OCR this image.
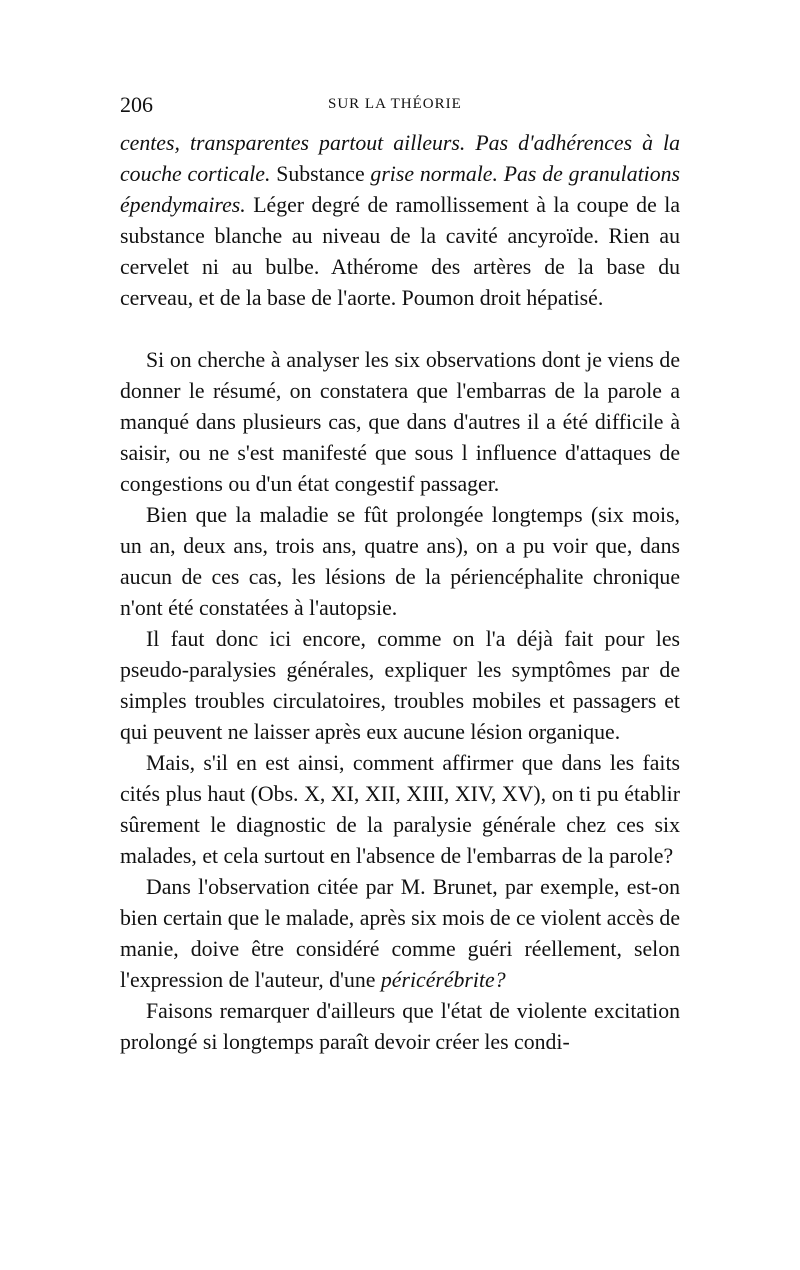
206	SUR LA THÉORIE

centes, transparentes partout ailleurs. Pas d'adhérences à la couche corticale. Substance grise normale. Pas de granulations épendymaires. Léger degré de ramollissement à la coupe de la substance blanche au niveau de la cavité ancyroïde. Rien au cervelet ni au bulbe. Athérome des artères de la base du cerveau, et de la base de l'aorte. Poumon droit hépatisé.

Si on cherche à analyser les six observations dont je viens de donner le résumé, on constatera que l'embarras de la parole a manqué dans plusieurs cas, que dans d'autres il a été difficile à saisir, ou ne s'est manifesté que sous l influence d'attaques de congestions ou d'un état congestif passager.

Bien que la maladie se fût prolongée longtemps (six mois, un an, deux ans, trois ans, quatre ans), on a pu voir que, dans aucun de ces cas, les lésions de la périencéphalite chronique n'ont été constatées à l'autopsie.

Il faut donc ici encore, comme on l'a déjà fait pour les pseudo-paralysies générales, expliquer les symptômes par de simples troubles circulatoires, troubles mobiles et passagers et qui peuvent ne laisser après eux aucune lésion organique.

Mais, s'il en est ainsi, comment affirmer que dans les faits cités plus haut (Obs. X, XI, XII, XIII, XIV, XV), on ti pu établir sûrement le diagnostic de la paralysie générale chez ces six malades, et cela surtout en l'absence de l'embarras de la parole?

Dans l'observation citée par M. Brunet, par exemple, est-on bien certain que le malade, après six mois de ce violent accès de manie, doive être considéré comme guéri réellement, selon l'expression de l'auteur, d'une péricérébrite?

Faisons remarquer d'ailleurs que l'état de violente excitation prolongé si longtemps paraît devoir créer les condi-
